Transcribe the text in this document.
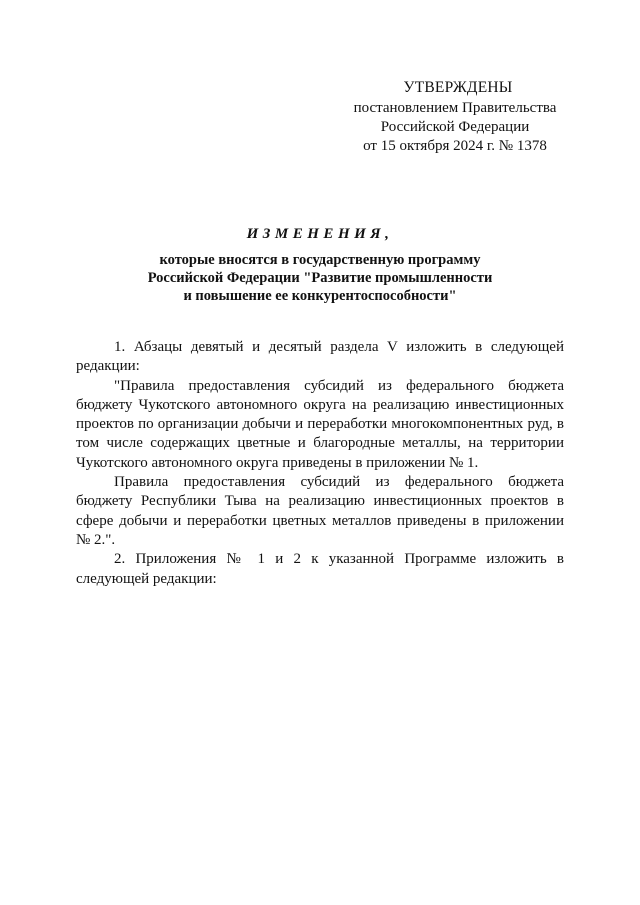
УТВЕРЖДЕНЫ
постановлением Правительства
Российской Федерации
от 15 октября 2024 г. № 1378
ИЗМЕНЕНИЯ,
которые вносятся в государственную программу
Российской Федерации "Развитие промышленности
и повышение ее конкурентоспособности"

1. Абзацы девятый и десятый раздела V изложить в следующей редакции:

"Правила предоставления субсидий из федерального бюджета бюджету Чукотского автономного округа на реализацию инвестиционных проектов по организации добычи и переработки многокомпонентных руд, в том числе содержащих цветные и благородные металлы, на территории Чукотского автономного округа приведены в приложении № 1.

Правила предоставления субсидий из федерального бюджета бюджету Республики Тыва на реализацию инвестиционных проектов в сфере добычи и переработки цветных металлов приведены в приложении № 2.".

2. Приложения № 1 и 2 к указанной Программе изложить в следующей редакции:
